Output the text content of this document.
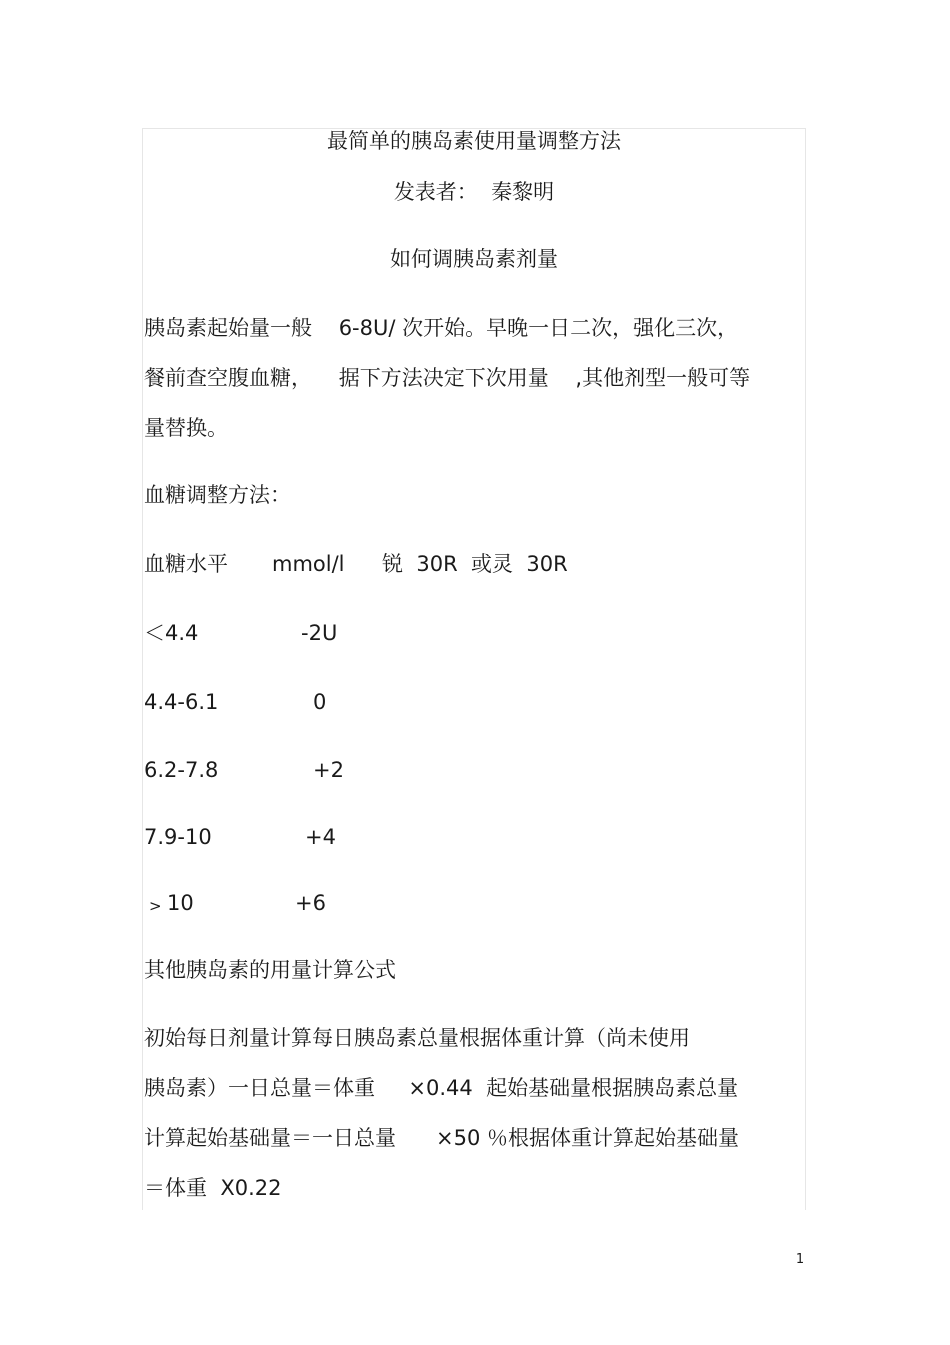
最简单的胰岛素使用量调整方法

发表者：  秦黎明

如何调胰岛素剂量

胰岛素起始量一般    6-8U/ 次开始。早晚一日二次，强化三次，

餐前查空腹血糖，    据下方法决定下次用量    ,其他剂型一般可等

量替换。

血糖调整方法：

血糖水平 mmol/l 锐  30R  或灵  30R
＜4.4	-2U
4.4-6.1	0
6.2-7.8	+2
7.9-10	+4
> 10	+6

其他胰岛素的用量计算公式

初始每日剂量计算每日胰岛素总量根据体重计算（尚未使用

胰岛素）一日总量＝体重     ×0.44  起始基础量根据胰岛素总量

计算起始基础量＝一日总量      ×50 ％根据体重计算起始基础量

＝体重  X0.22

1
